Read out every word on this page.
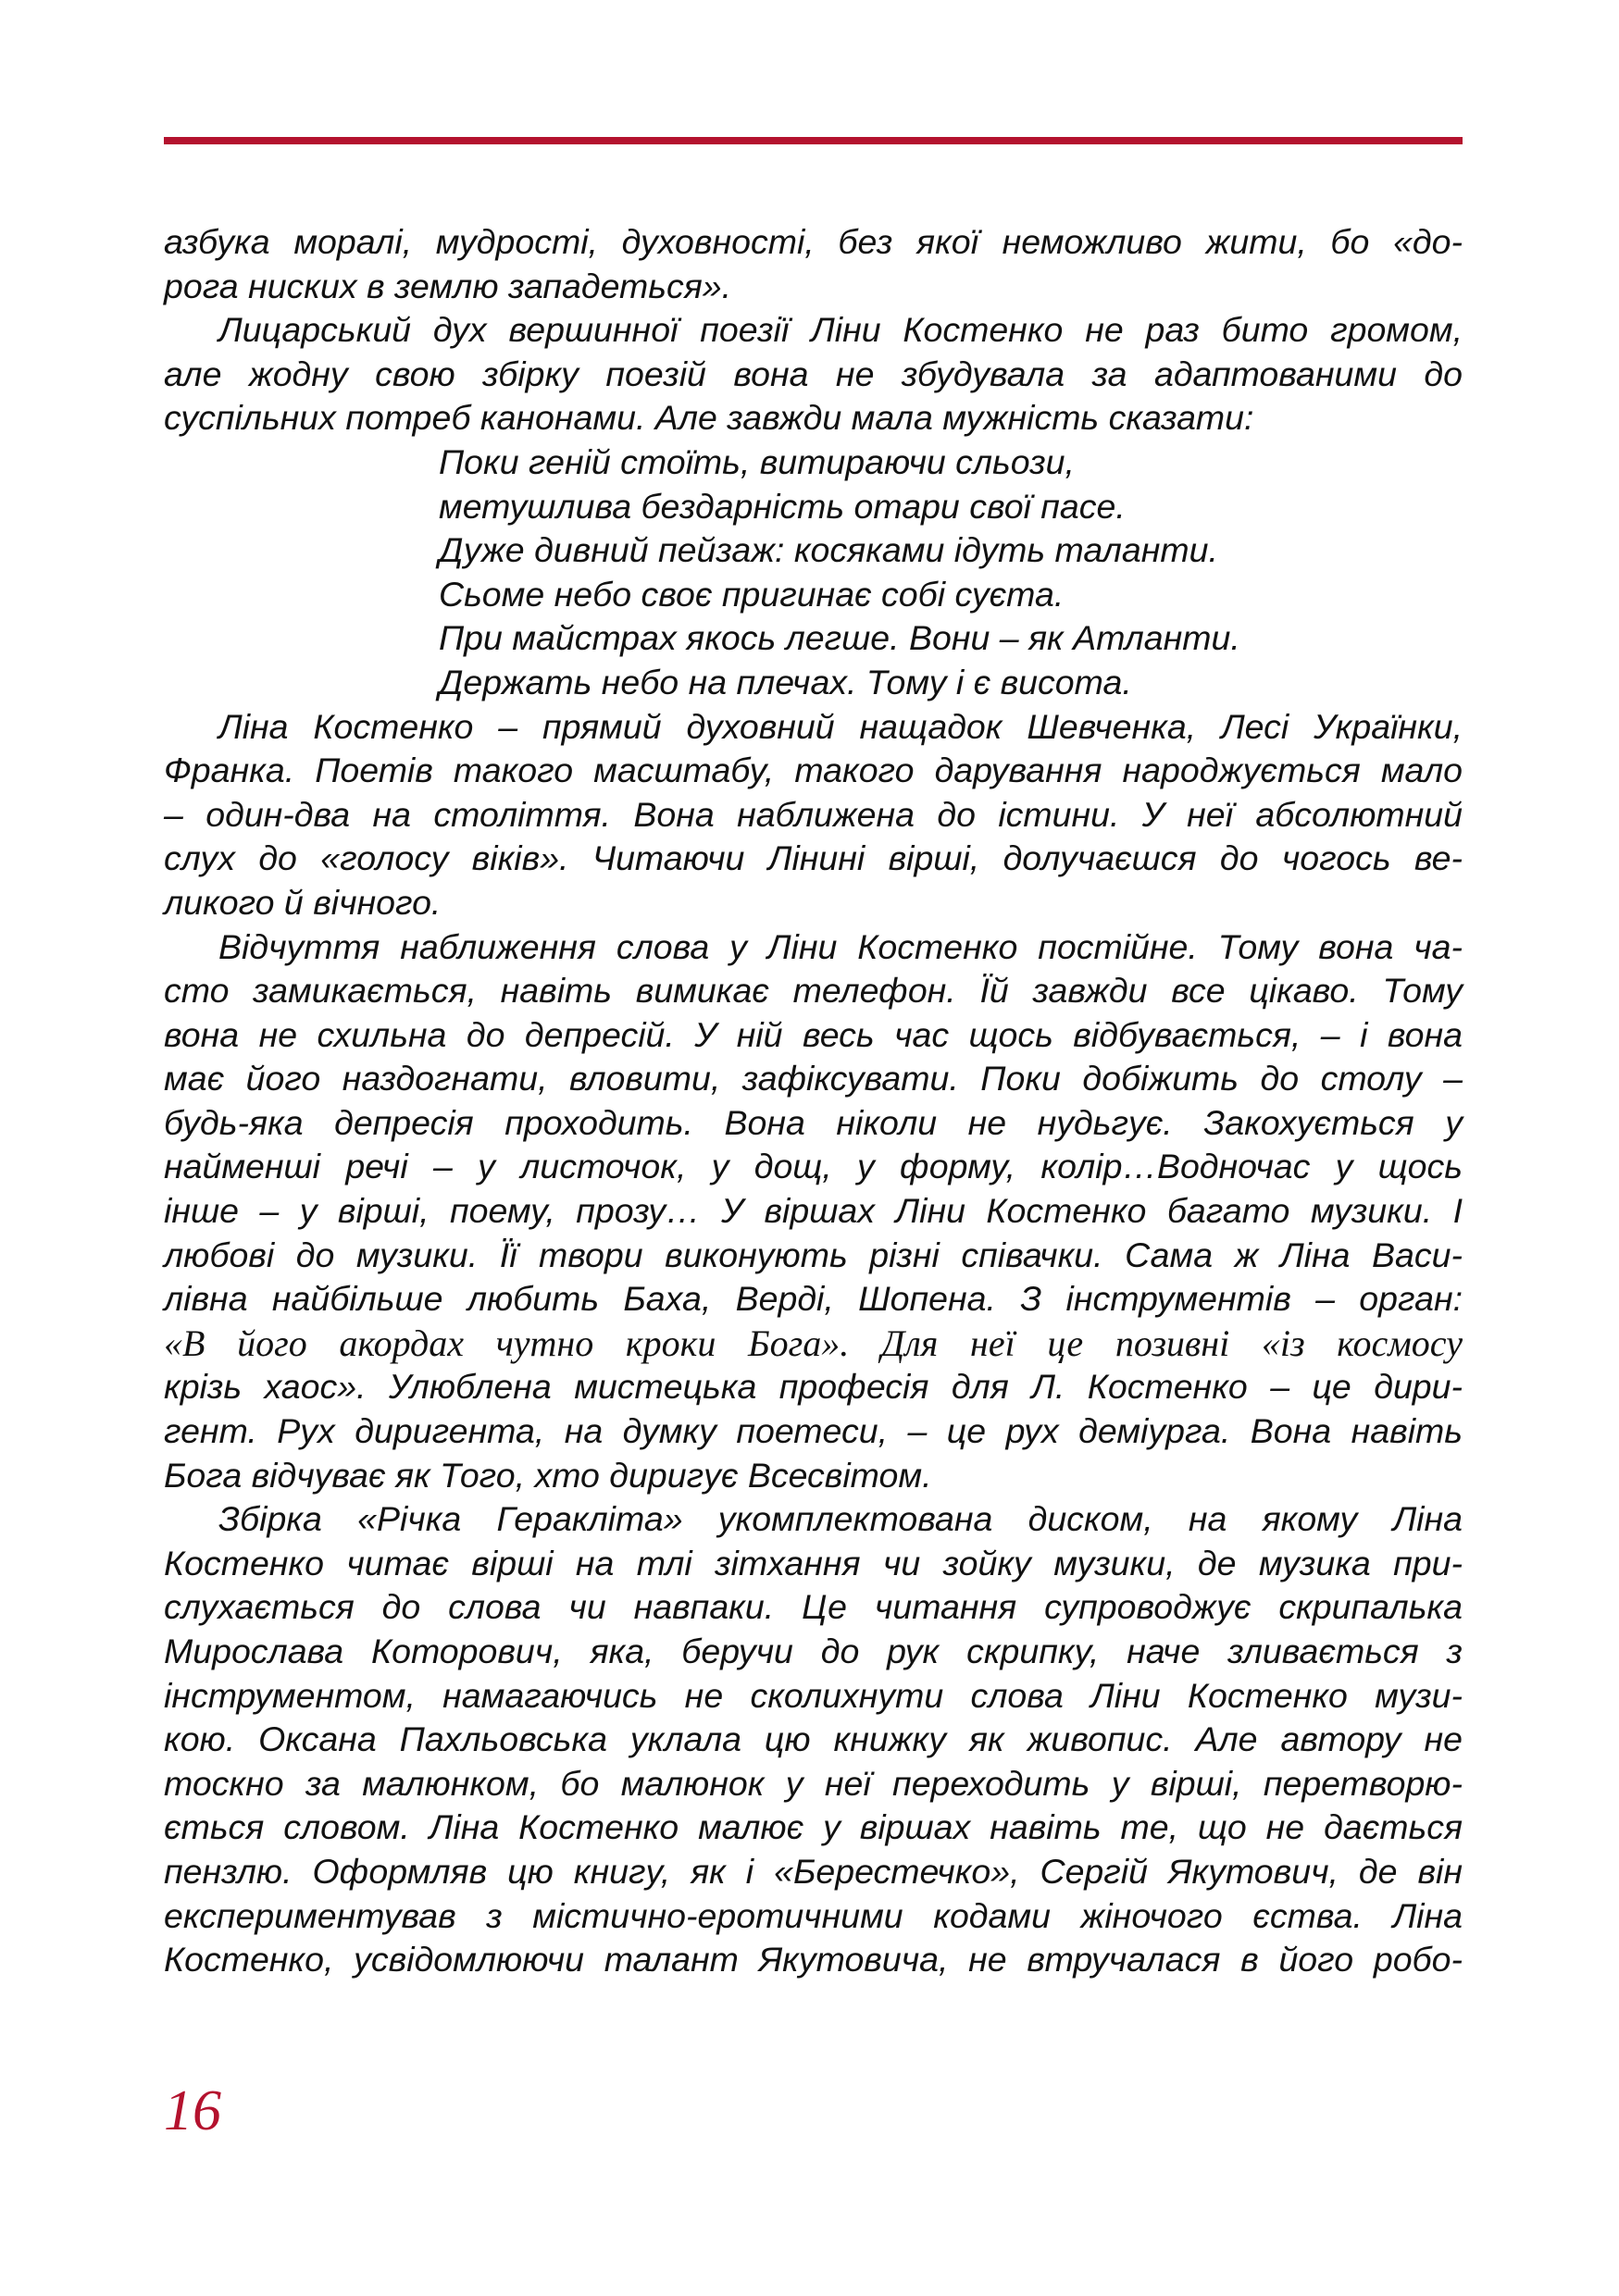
азбука моралі, мудрості, духовності, без якої неможливо жити, бо «до-
рога ниских в землю западеться».
Лицарський дух вершинної поезії Ліни Костенко не раз бито громом,
але жодну свою збірку поезій вона не збудувала за адаптованими до
суспільних потреб канонами. Але завжди мала мужність сказати:
Поки геній стоїть, витираючи сльози,
метушлива бездарність отари свої пасе.
Дуже дивний пейзаж: косяками ідуть таланти.
Сьоме небо своє пригинає собі суєта.
При майстрах якось легше. Вони – як Атланти.
Держать небо на плечах. Тому і є висота.
Ліна Костенко – прямий духовний нащадок Шевченка, Лесі Українки,
Франка. Поетів такого масштабу, такого дарування народжується мало
– один-два на століття. Вона наближена до істини. У неї абсолютний
слух до «голосу віків». Читаючи Лінині вірші, долучаєшся до чогось ве-
ликого й вічного.
Відчуття наближення слова у Ліни Костенко постійне. Тому вона ча-
сто замикається, навіть вимикає телефон. Їй завжди все цікаво. Тому
вона не схильна до депресій. У ній весь час щось відбувається, – і вона
має його наздогнати, вловити, зафіксувати. Поки добіжить до столу –
будь-яка депресія проходить. Вона ніколи не нудьгує. Закохується у
найменші речі – у листочок, у дощ, у форму, колір…Водночас у щось
інше – у вірші, поему, прозу… У віршах Ліни Костенко багато музики. І
любові до музики. Її твори виконують різні співачки. Сама ж Ліна Васи-
лівна найбільше любить Баха, Верді, Шопена. З інструментів – орган:
«В його акордах чутно кроки Бога». Для неї це позивні «із космосу
крізь хаос». Улюблена мистецька професія для Л. Костенко – це дири-
гент. Рух диригента, на думку поетеси, – це рух деміурга. Вона навіть
Бога відчуває як Того, хто диригує Всесвітом.
Збірка «Річка Геракліта» укомплектована диском, на якому Ліна
Костенко читає вірші на тлі зітхання чи зойку музики, де музика при-
слухається до слова чи навпаки. Це читання супроводжує скрипалька
Мирослава Которович, яка, беручи до рук скрипку, наче зливається з
інструментом, намагаючись не сколихнути слова Ліни Костенко музи-
кою. Оксана Пахльовська уклала цю книжку як живопис. Але автору не
тоскно за малюнком, бо малюнок у неї переходить у вірші, перетворю-
ється словом. Ліна Костенко малює у віршах навіть те, що не дається
пензлю. Оформляв цю книгу, як і «Берестечко», Сергій Якутович, де він
експериментував з містично-еротичними кодами жіночого єства. Ліна
Костенко, усвідомлюючи талант Якутовича, не втручалася в його робо-
16
